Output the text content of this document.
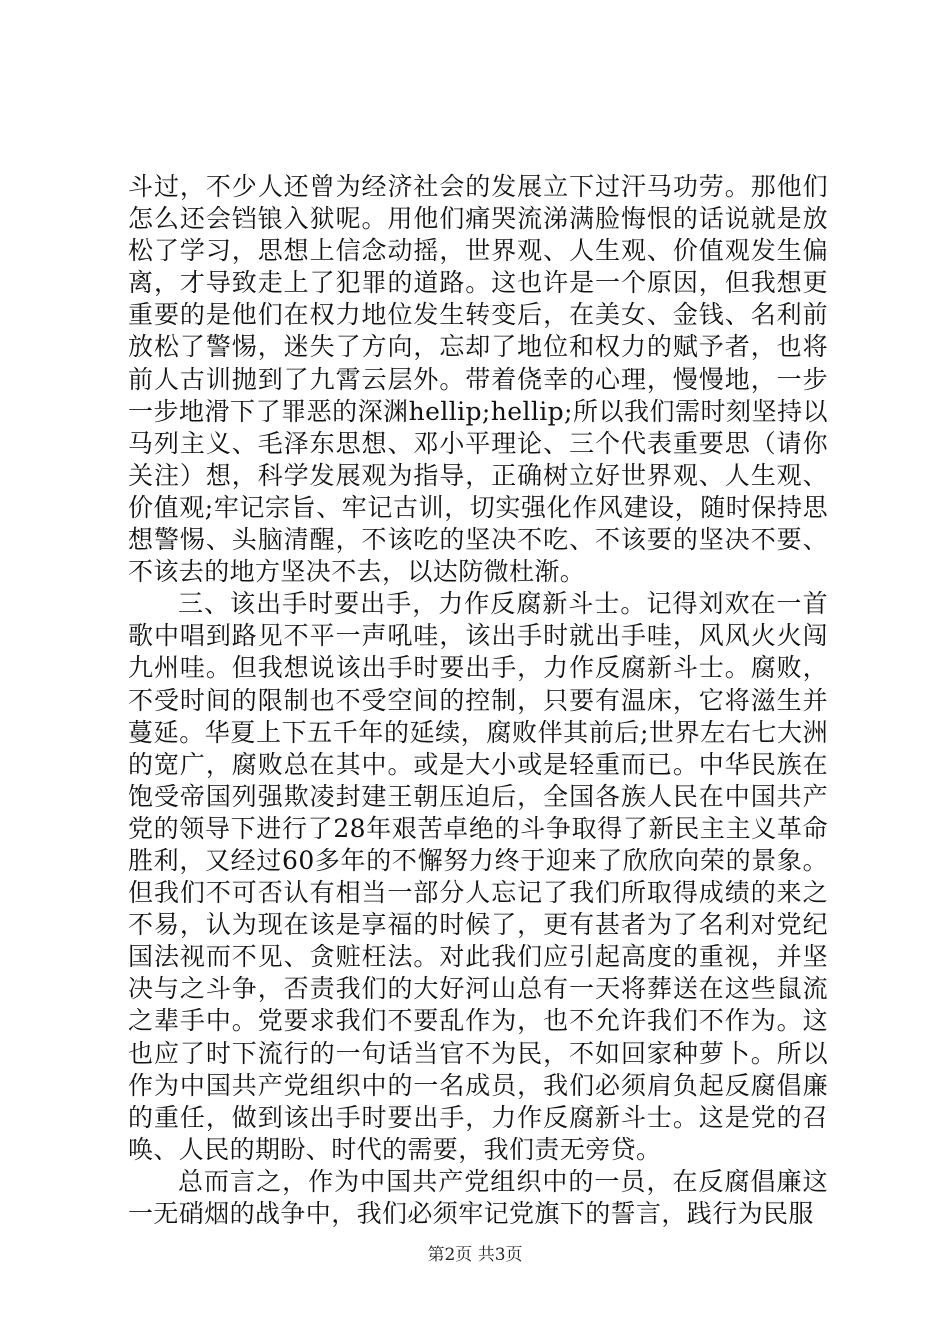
斗过，不少人还曾为经济社会的发展立下过汗马功劳。那他们怎么还会铛锒入狱呢。用他们痛哭流涕满脸悔恨的话说就是放松了学习，思想上信念动摇，世界观、人生观、价值观发生偏离，才导致走上了犯罪的道路。这也许是一个原因，但我想更重要的是他们在权力地位发生转变后，在美女、金钱、名利前放松了警惕，迷失了方向，忘却了地位和权力的赋予者，也将前人古训抛到了九霄云层外。带着侥幸的心理，慢慢地，一步一步地滑下了罪恶的深渊hellip;hellip;所以我们需时刻坚持以马列主义、毛泽东思想、邓小平理论、三个代表重要思（请你关注）想，科学发展观为指导，正确树立好世界观、人生观、价值观;牢记宗旨、牢记古训，切实强化作风建设，随时保持思想警惕、头脑清醒，不该吃的坚决不吃、不该要的坚决不要、不该去的地方坚决不去，以达防微杜渐。

三、该出手时要出手，力作反腐新斗士。记得刘欢在一首歌中唱到路见不平一声吼哇，该出手时就出手哇，风风火火闯九州哇。但我想说该出手时要出手，力作反腐新斗士。腐败，不受时间的限制也不受空间的控制，只要有温床，它将滋生并蔓延。华夏上下五千年的延续，腐败伴其前后;世界左右七大洲的宽广，腐败总在其中。或是大小或是轻重而已。中华民族在饱受帝国列强欺凌封建王朝压迫后，全国各族人民在中国共产党的领导下进行了28年艰苦卓绝的斗争取得了新民主主义革命胜利，又经过60多年的不懈努力终于迎来了欣欣向荣的景象。但我们不可否认有相当一部分人忘记了我们所取得成绩的来之不易，认为现在该是享福的时候了，更有甚者为了名利对党纪国法视而不见、贪赃枉法。对此我们应引起高度的重视，并坚决与之斗争，否责我们的大好河山总有一天将葬送在这些鼠流之辈手中。党要求我们不要乱作为，也不允许我们不作为。这也应了时下流行的一句话当官不为民，不如回家种萝卜。所以作为中国共产党组织中的一名成员，我们必须肩负起反腐倡廉的重任，做到该出手时要出手，力作反腐新斗士。这是党的召唤、人民的期盼、时代的需要，我们责无旁贷。

总而言之，作为中国共产党组织中的一员，在反腐倡廉这一无硝烟的战争中，我们必须牢记党旗下的誓言，践行为民服

第2页 共3页
